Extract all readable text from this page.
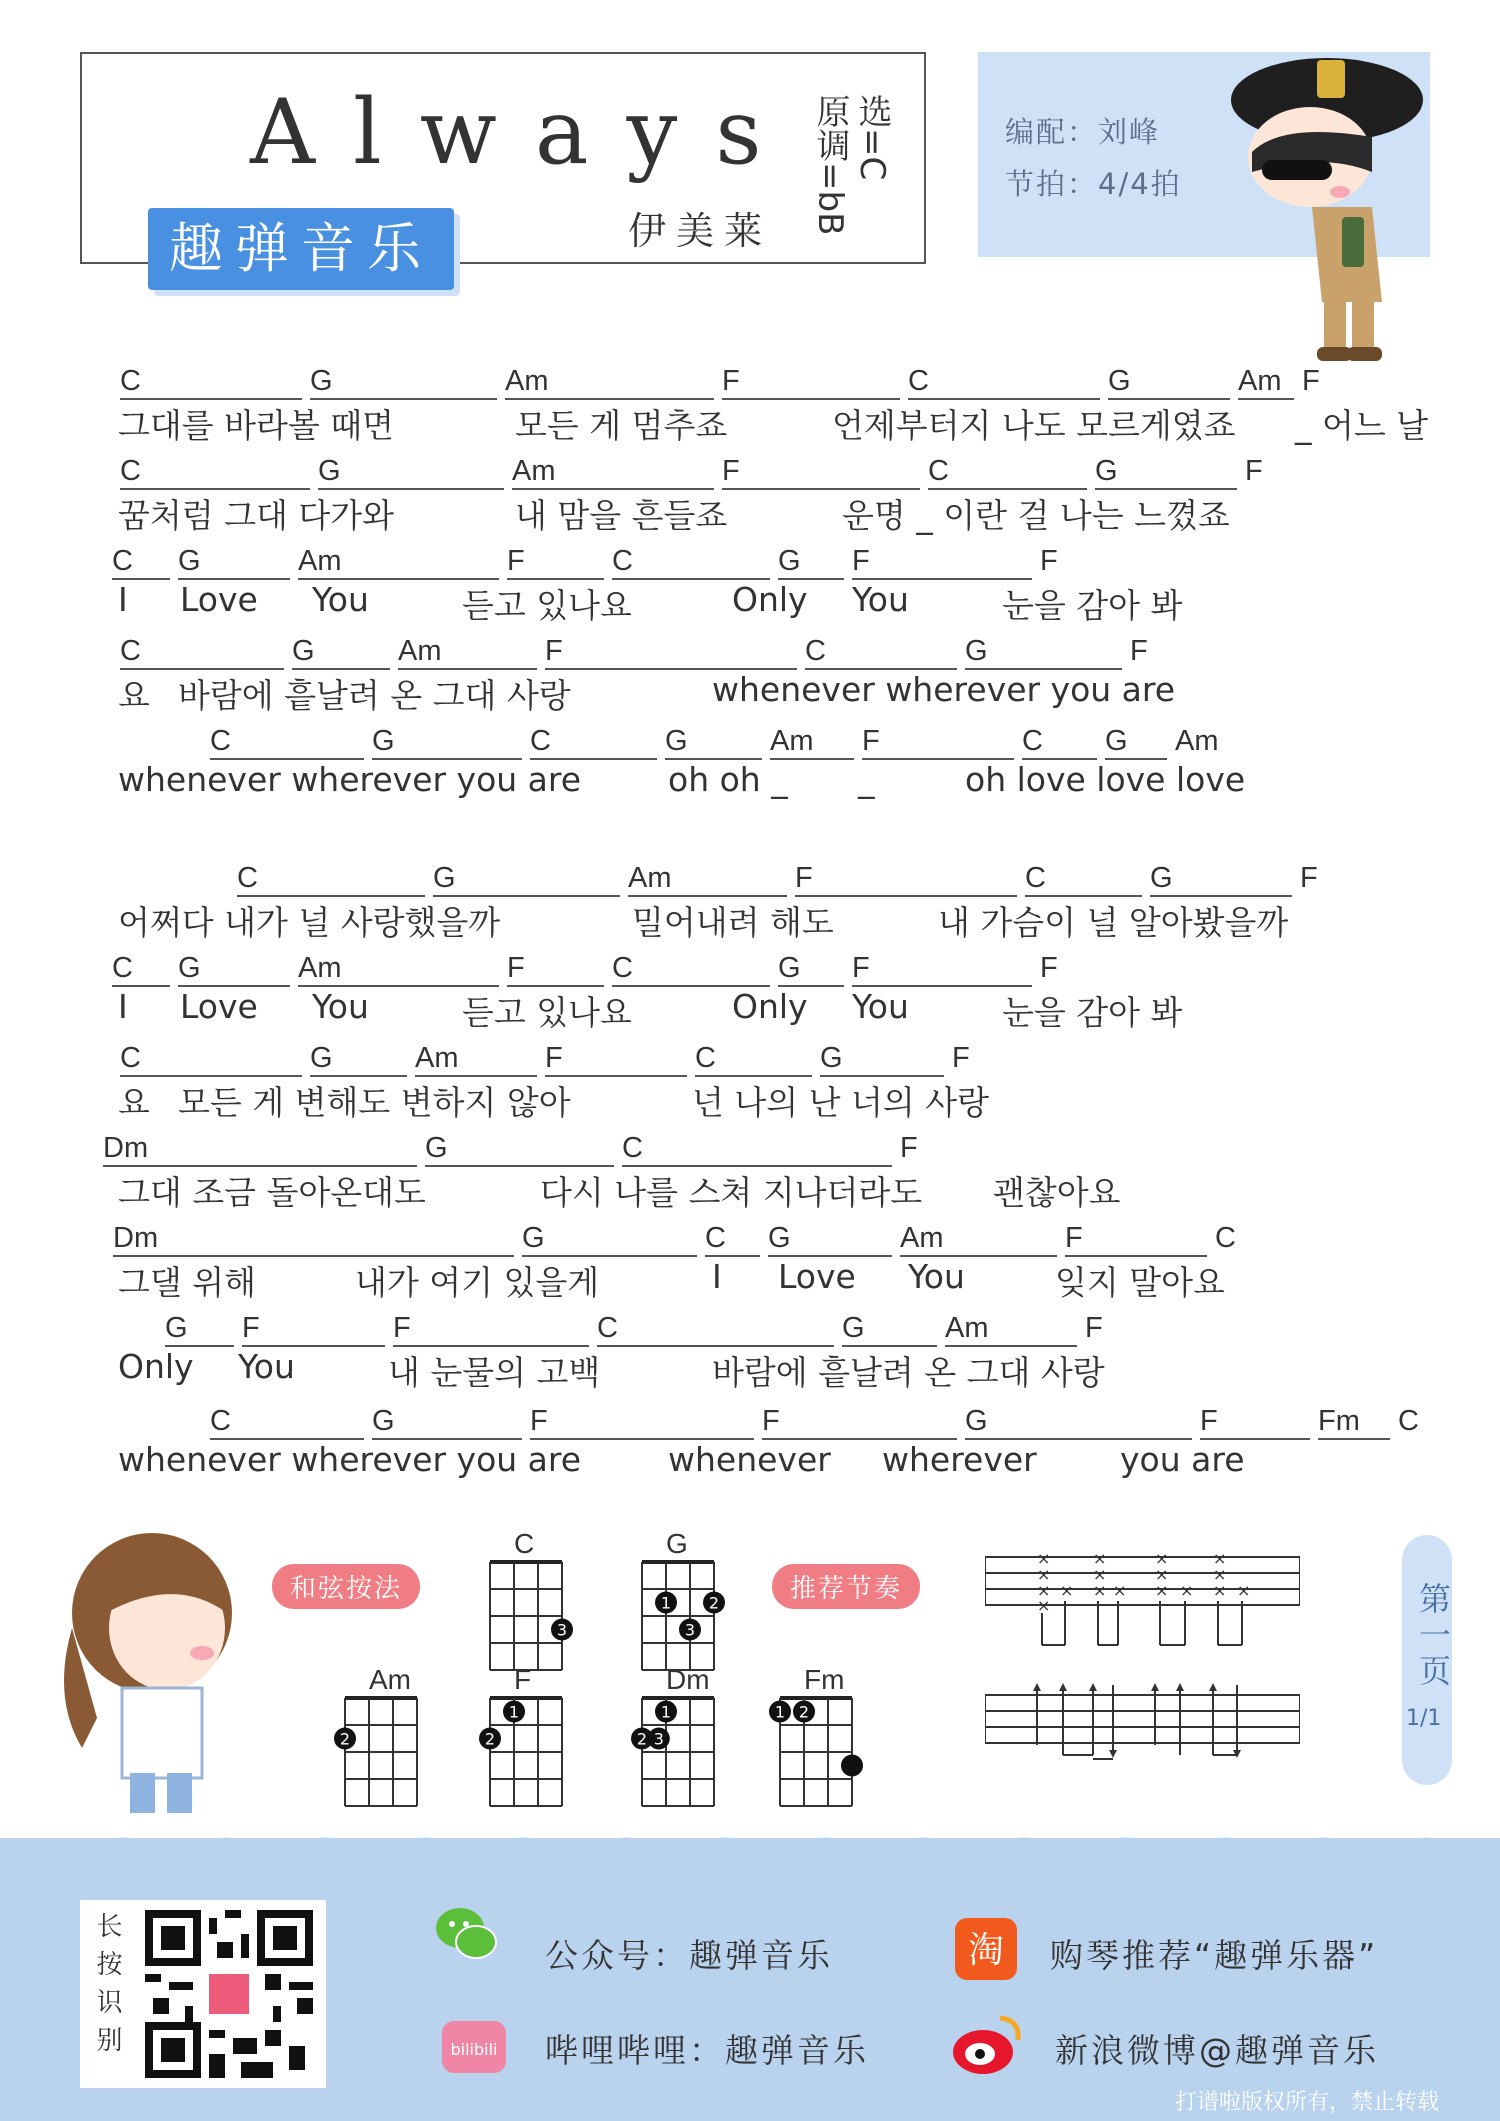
Always
伊美莱
趣弹音乐
选=C
原调=bB	编配：刘峰
节拍：4/4拍
C	G	Am	F	C	G	Am F
그대를 바라볼 때면	모든 게 멈추죠	언제부터지 나도 모르게였죠 _ 어느 날
C	G	Am	F	C	G	F
꿈처럼 그대 다가와	내 맘을 흔들죠	운명 _ 이란 걸 나는 느꼈죠
C G	Am	F	C	G F	F
I Love You	듣고 있나요	Only You	눈을 감아 봐
C	G	Am	F	C	G	F
요 바람에 흩날려 온 그대 사랑	whenever wherever you are
C	G	C	G	Am F	C G Am
whenever wherever you are	oh oh _ _	oh love love love
C	G	Am	F	C	G	F
어쩌다 내가 널 사랑했을까	밀어내려 해도	내 가슴이 널 알아봤을까
C G	Am	F	C	G F	F
I Love You	듣고 있나요	Only You	눈을 감아 봐
C	G	Am	F	C	G	F
요 모든 게 변해도 변하지 않아	넌 나의 난 너의 사랑
Dm	G	C	F
그대 조금 돌아온대도	다시 나를 스쳐 지나더라도 괜찮아요
Dm	G	C G	Am	F	C
그댈 위해	내가 여기 있을게	I Love You	잊지 말아요
G F	F	C	G	Am	F
Only You	내 눈물의 고백	바람에 흩날려 온 그대 사랑
C	G	F	F	G	F	Fm C
whenever wherever you are	whenever wherever	you are
和弦按法	推荐节奏
C
3
G
1 2
3
Am
2
F
2
1
Dm
2 3
1
Fm
1 2
×
×
×
×
×
×
×
× ×
×
×
× ×
×
×
× ×	第一页
1/1
长按识别	公众号：趣弹音乐	淘 购琴推荐“趣弹乐器”
bilibili 哔哩哔哩：趣弹音乐	新浪微博@趣弹音乐
打谱啦版权所有，禁止转载
